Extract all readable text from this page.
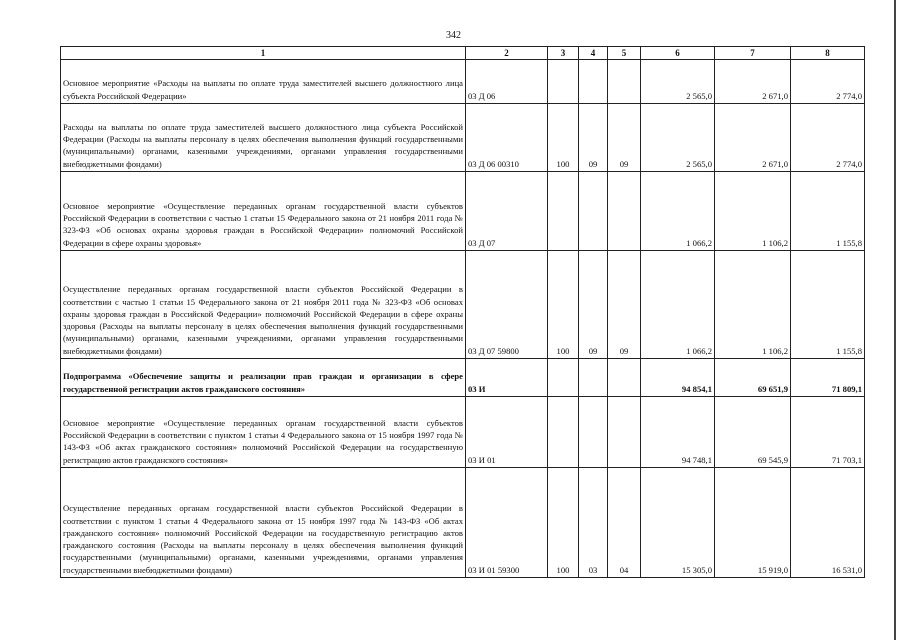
342
1	2	3	4	5	6	7	8
Основное мероприятие «Расходы на выплаты по оплате труда заместителей высшего должностного лица субъекта Российской Федерации»	03 Д 06				2 565,0	2 671,0	2 774,0
Расходы на выплаты по оплате труда заместителей высшего должностного лица субъекта Российской Федерации (Расходы на выплаты персоналу в целях обеспечения выполнения функций государственными (муниципальными) органами, казенными учреждениями, органами управления государственными внебюджетными фондами)	03 Д 06 00310	100	09	09	2 565,0	2 671,0	2 774,0
Основное мероприятие «Осуществление переданных органам государственной власти субъектов Российской Федерации в соответствии с частью 1 статьи 15 Федерального закона от 21 ноября 2011 года № 323-ФЗ «Об основах охраны здоровья граждан в Российской Федерации» полномочий Российской Федерации в сфере охраны здоровья»	03 Д 07				1 066,2	1 106,2	1 155,8
Осуществление переданных органам государственной власти субъектов Российской Федерации в соответствии с частью 1 статьи 15 Федерального закона от 21 ноября 2011 года № 323-ФЗ «Об основах охраны здоровья граждан в Российской Федерации» полномочий Российской Федерации в сфере охраны здоровья (Расходы на выплаты персоналу в целях обеспечения выполнения функций государственными (муниципальными) органами, казенными учреждениями, органами управления государственными внебюджетными фондами)	03 Д 07 59800	100	09	09	1 066,2	1 106,2	1 155,8
Подпрограмма «Обеспечение защиты и реализации прав граждан и организации в сфере государственной регистрации актов гражданского состояния»	03 И				94 854,1	69 651,9	71 809,1
Основное мероприятие «Осуществление переданных органам государственной власти субъектов Российской Федерации в соответствии с пунктом 1 статьи 4 Федерального закона от 15 ноября 1997 года № 143-ФЗ «Об актах гражданского состояния» полномочий Российской Федерации на государственную регистрацию актов гражданского состояния»	03 И 01				94 748,1	69 545,9	71 703,1
Осуществление переданных органам государственной власти субъектов Российской Федерации в соответствии с пунктом 1 статьи 4 Федерального закона от 15 ноября 1997 года № 143-ФЗ «Об актах гражданского состояния» полномочий Российской Федерации на государственную регистрацию актов гражданского состояния (Расходы на выплаты персоналу в целях обеспечения выполнения функций государственными (муниципальными) органами, казенными учреждениями, органами управления государственными внебюджетными фондами)	03 И 01 59300	100	03	04	15 305,0	15 919,0	16 531,0
